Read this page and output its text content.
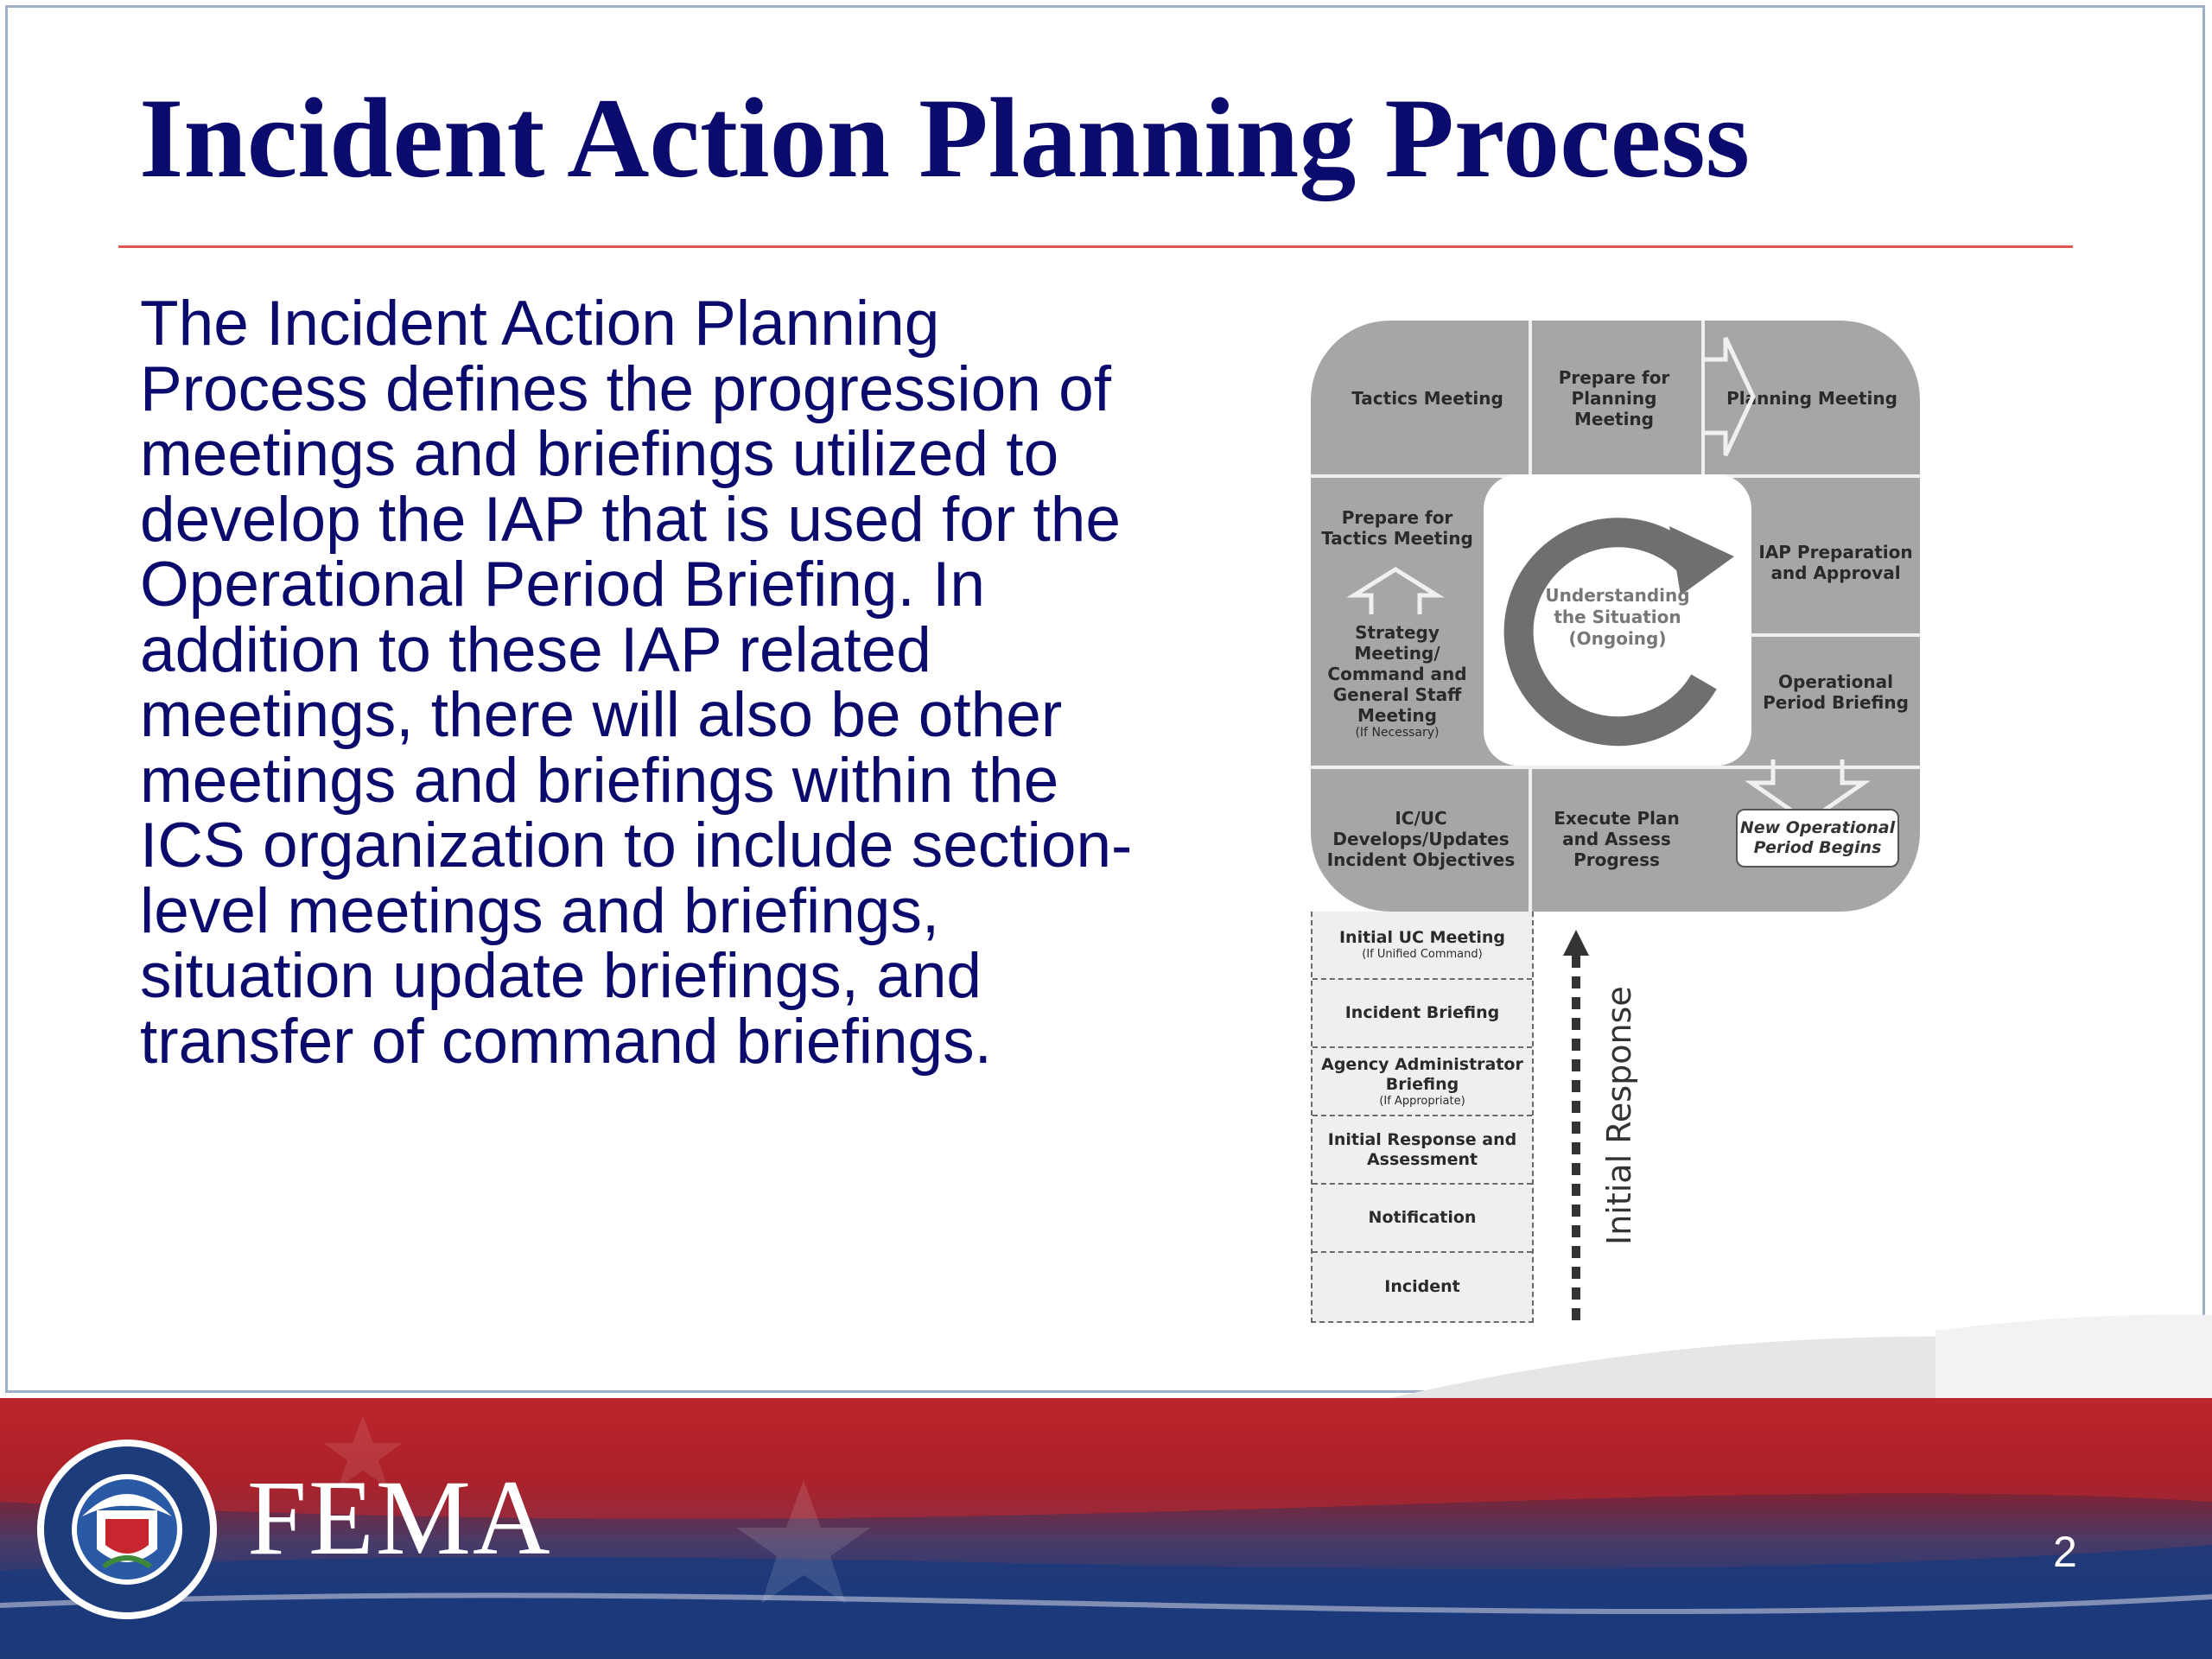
Incident Action Planning Process

The Incident Action Planning Process defines the progression of meetings and briefings utilized to develop the IAP that is used for the Operational Period Briefing. In addition to these IAP related meetings, there will also be other meetings and briefings within the ICS organization to include section-level meetings and briefings, situation update briefings, and transfer of command briefings.

Tactics Meeting
Prepare for Planning Meeting
Planning Meeting
Prepare for Tactics Meeting
IAP Preparation and Approval
Strategy Meeting/ Command and General Staff Meeting
(If Necessary)
Operational Period Briefing
IC/UC Develops/Updates Incident Objectives
Execute Plan and Assess Progress
Understanding the Situation (Ongoing)
New Operational Period Begins
Initial UC Meeting
(If Unified Command)
Incident Briefing
Agency Administrator Briefing
(If Appropriate)
Initial Response and Assessment
Notification
Incident
Initial Response
FEMA	2
